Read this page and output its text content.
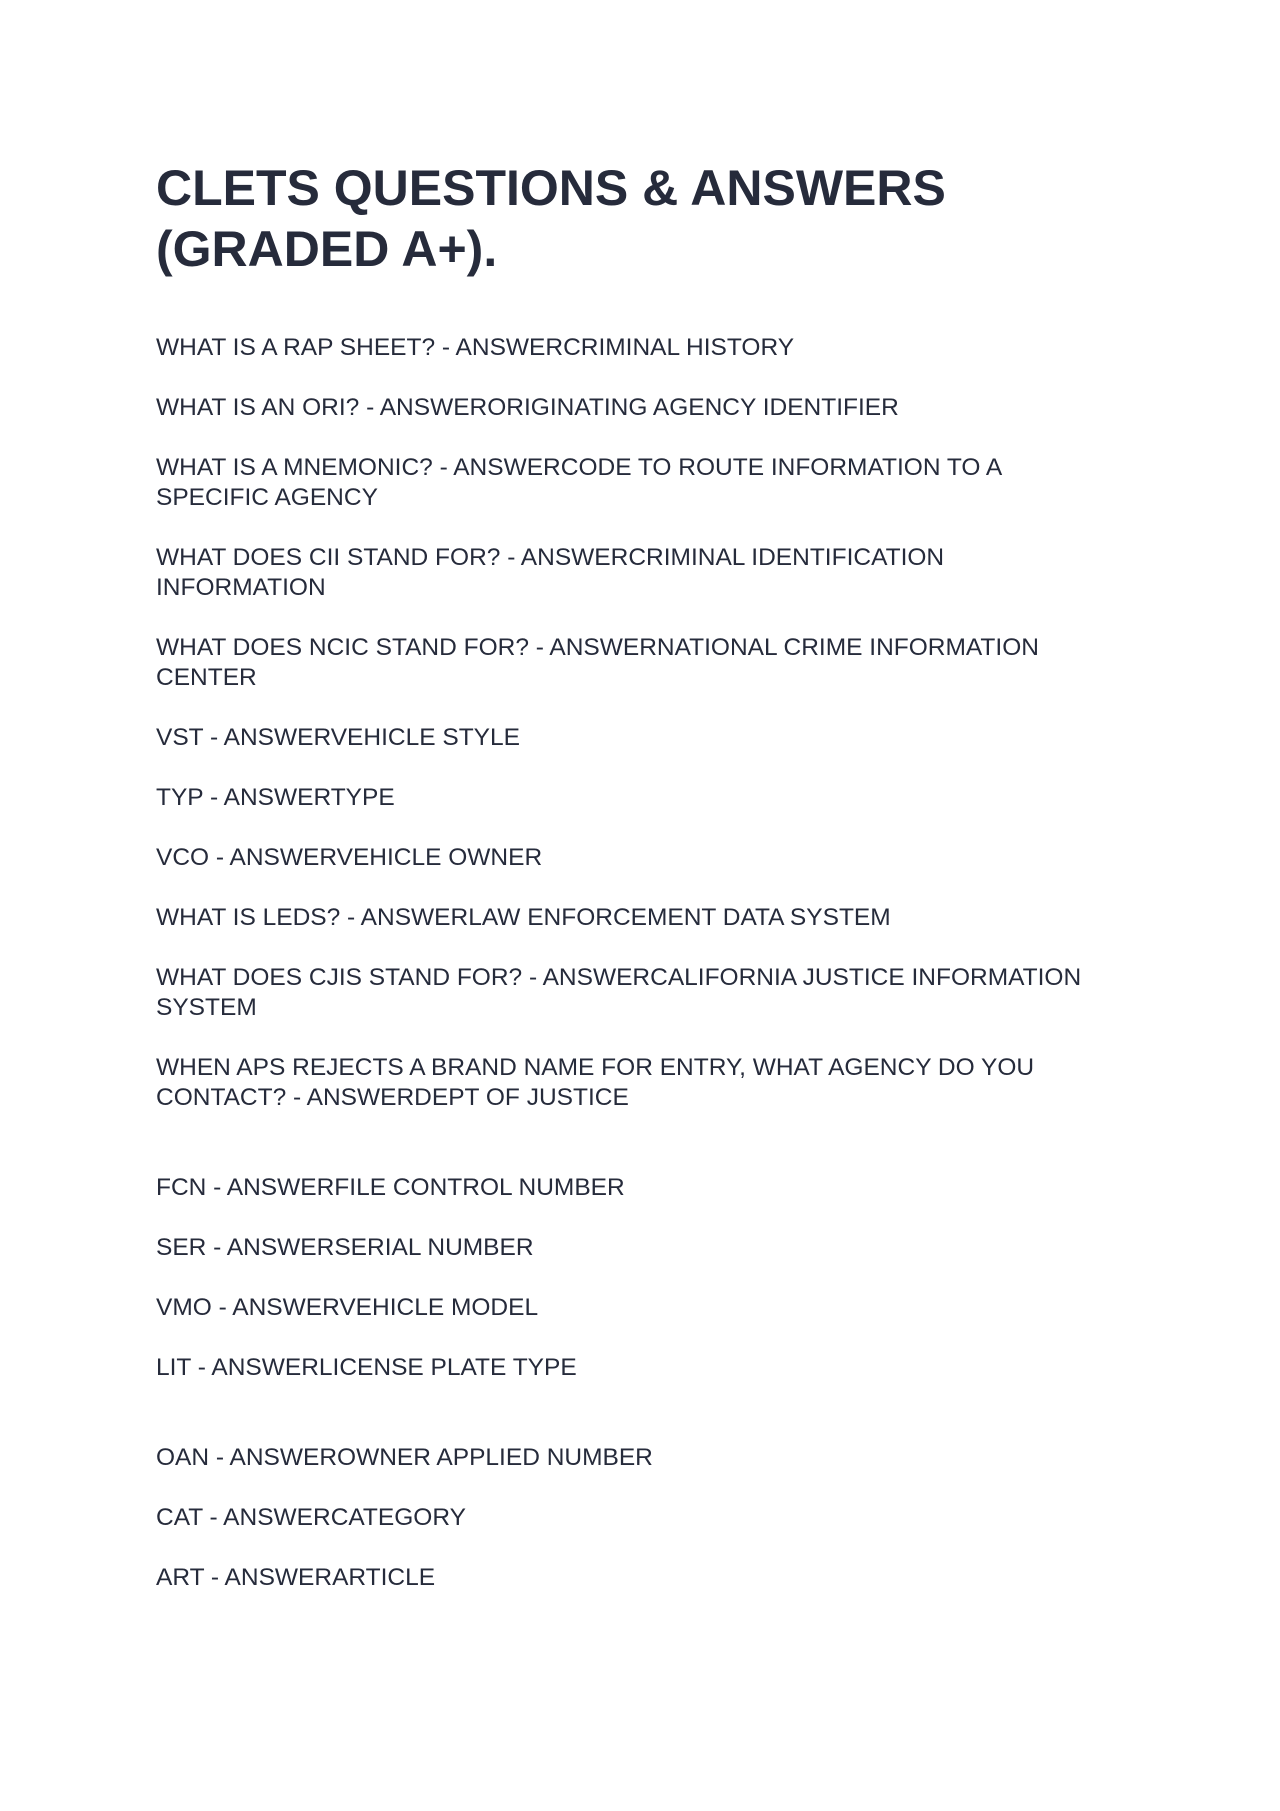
CLETS QUESTIONS & ANSWERS (GRADED A+).
WHAT IS A RAP SHEET? - ANSWERCRIMINAL HISTORY
WHAT IS AN ORI? - ANSWERORIGINATING AGENCY IDENTIFIER
WHAT IS A MNEMONIC? - ANSWERCODE TO ROUTE INFORMATION TO A SPECIFIC AGENCY
WHAT DOES CII STAND FOR? - ANSWERCRIMINAL IDENTIFICATION INFORMATION
WHAT DOES NCIC STAND FOR? - ANSWERNATIONAL CRIME INFORMATION CENTER
VST - ANSWERVEHICLE STYLE
TYP - ANSWERTYPE
VCO - ANSWERVEHICLE OWNER
WHAT IS LEDS? - ANSWERLAW ENFORCEMENT DATA SYSTEM
WHAT DOES CJIS STAND FOR? - ANSWERCALIFORNIA JUSTICE INFORMATION SYSTEM
WHEN APS REJECTS A BRAND NAME FOR ENTRY, WHAT AGENCY DO YOU CONTACT? - ANSWERDEPT OF JUSTICE
FCN - ANSWERFILE CONTROL NUMBER
SER - ANSWERSERIAL NUMBER
VMO - ANSWERVEHICLE MODEL
LIT - ANSWERLICENSE PLATE TYPE
OAN - ANSWEROWNER APPLIED NUMBER
CAT - ANSWERCATEGORY
ART - ANSWERARTICLE
